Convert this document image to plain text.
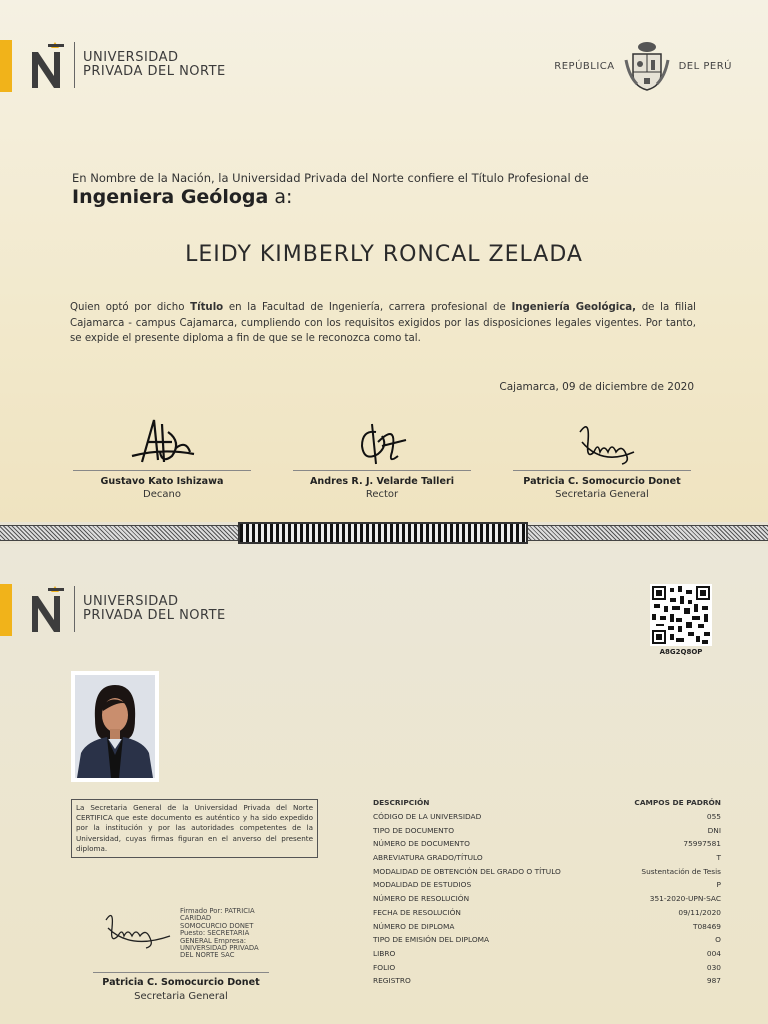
UNIVERSIDAD
PRIVADA DEL NORTE	REPÚBLICA	DEL PERÚ
En Nombre de la Nación, la Universidad Privada del Norte confiere el Título Profesional de
Ingeniera Geóloga a:
LEIDY KIMBERLY RONCAL ZELADA
Quien optó por dicho Título en la Facultad de Ingeniería, carrera profesional de Ingeniería Geológica, de la filial Cajamarca - campus Cajamarca, cumpliendo con los requisitos exigidos por las disposiciones legales vigentes. Por tanto, se expide el presente diploma a fin de que se le reconozca como tal.
Cajamarca, 09 de diciembre de 2020
Gustavo Kato Ishizawa
Decano
Andres R. J. Velarde Talleri
Rector
Patricia C. Somocurcio Donet
Secretaria General
UNIVERSIDAD
PRIVADA DEL NORTE
A8G2Q8OP
La Secretaria General de la Universidad Privada del Norte CERTIFICA que este documento es auténtico y ha sido expedido por la institución y por las autoridades competentes de la Universidad, cuyas firmas figuran en el anverso del presente diploma.
Firmado Por: PATRICIA CARIDAD SOMOCURCIO DONET Puesto: SECRETARIA GENERAL Empresa: UNIVERSIDAD PRIVADA DEL NORTE SAC
Patricia C. Somocurcio Donet
Secretaria General
DESCRIPCIÓN	CAMPOS DE PADRÓN
CÓDIGO DE LA UNIVERSIDAD	055
TIPO DE DOCUMENTO	DNI
NÚMERO DE DOCUMENTO	75997581
ABREVIATURA GRADO/TÍTULO	T
MODALIDAD DE OBTENCIÓN DEL GRADO O TÍTULO	Sustentación de Tesis
MODALIDAD DE ESTUDIOS	P
NÚMERO DE RESOLUCIÓN	351-2020-UPN-SAC
FECHA DE RESOLUCIÓN	09/11/2020
NÚMERO DE DIPLOMA	T08469
TIPO DE EMISIÓN DEL DIPLOMA	O
LIBRO	004
FOLIO	030
REGISTRO	987
